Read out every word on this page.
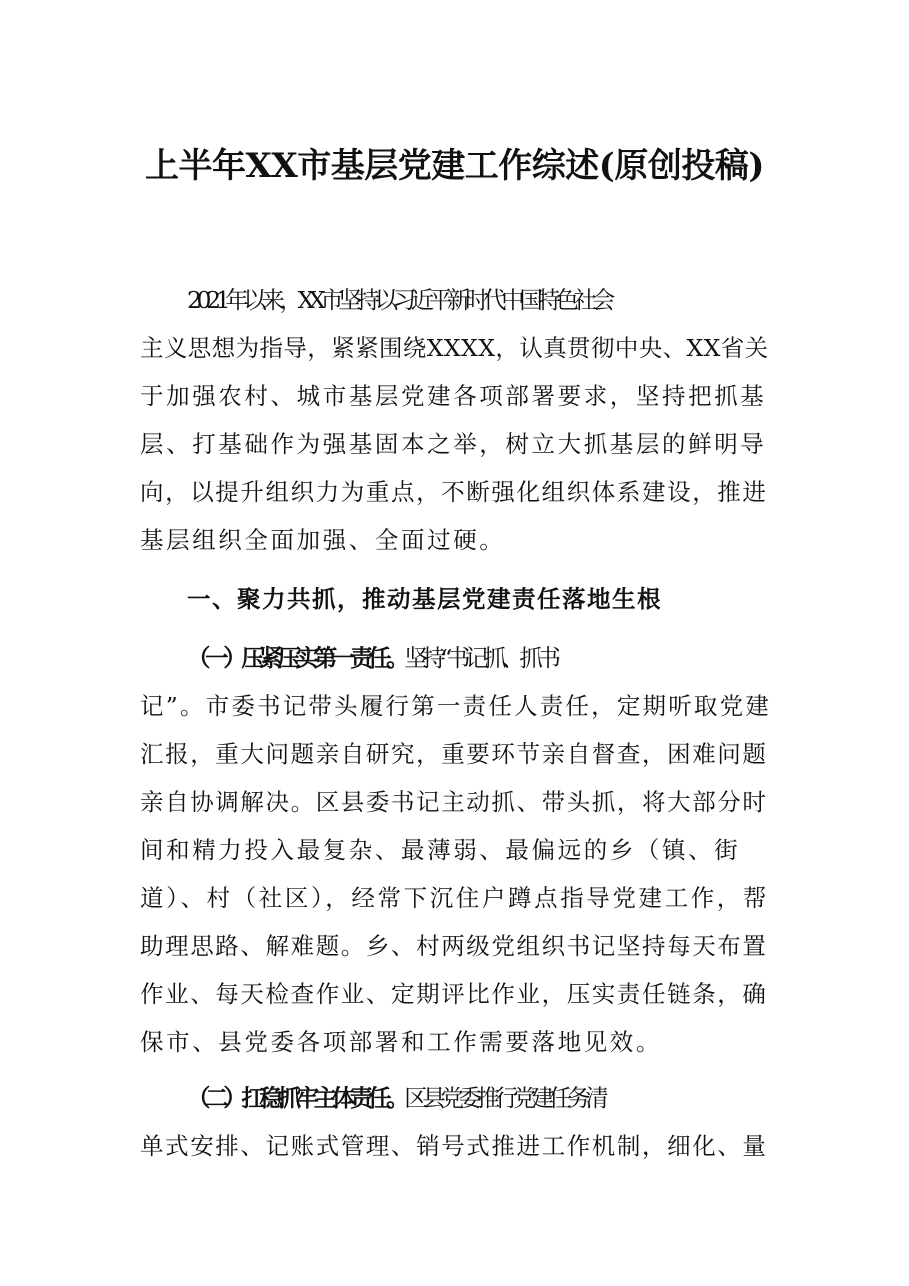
上半年XX市基层党建工作综述(原创投稿)
2021年以来，XX市坚持以习近平新时代中国特色社会
主义思想为指导，紧紧围绕XXXX，认真贯彻中央、XX省关
于加强农村、城市基层党建各项部署要求，坚持把抓基
层、打基础作为强基固本之举，树立大抓基层的鲜明导
向，以提升组织力为重点，不断强化组织体系建设，推进
基层组织全面加强、全面过硬。
一、聚力共抓，推动基层党建责任落地生根
（一）压紧压实第一责任。坚持“书记抓、抓书
记”。市委书记带头履行第一责任人责任，定期听取党建
汇报，重大问题亲自研究，重要环节亲自督查，困难问题
亲自协调解决。区县委书记主动抓、带头抓，将大部分时
间和精力投入最复杂、最薄弱、最偏远的乡（镇、街
道）、村（社区），经常下沉住户蹲点指导党建工作，帮
助理思路、解难题。乡、村两级党组织书记坚持每天布置
作业、每天检查作业、定期评比作业，压实责任链条，确
保市、县党委各项部署和工作需要落地见效。
（二）扛稳抓牢主体责任。区县党委推行党建任务清
单式安排、记账式管理、销号式推进工作机制，细化、量
